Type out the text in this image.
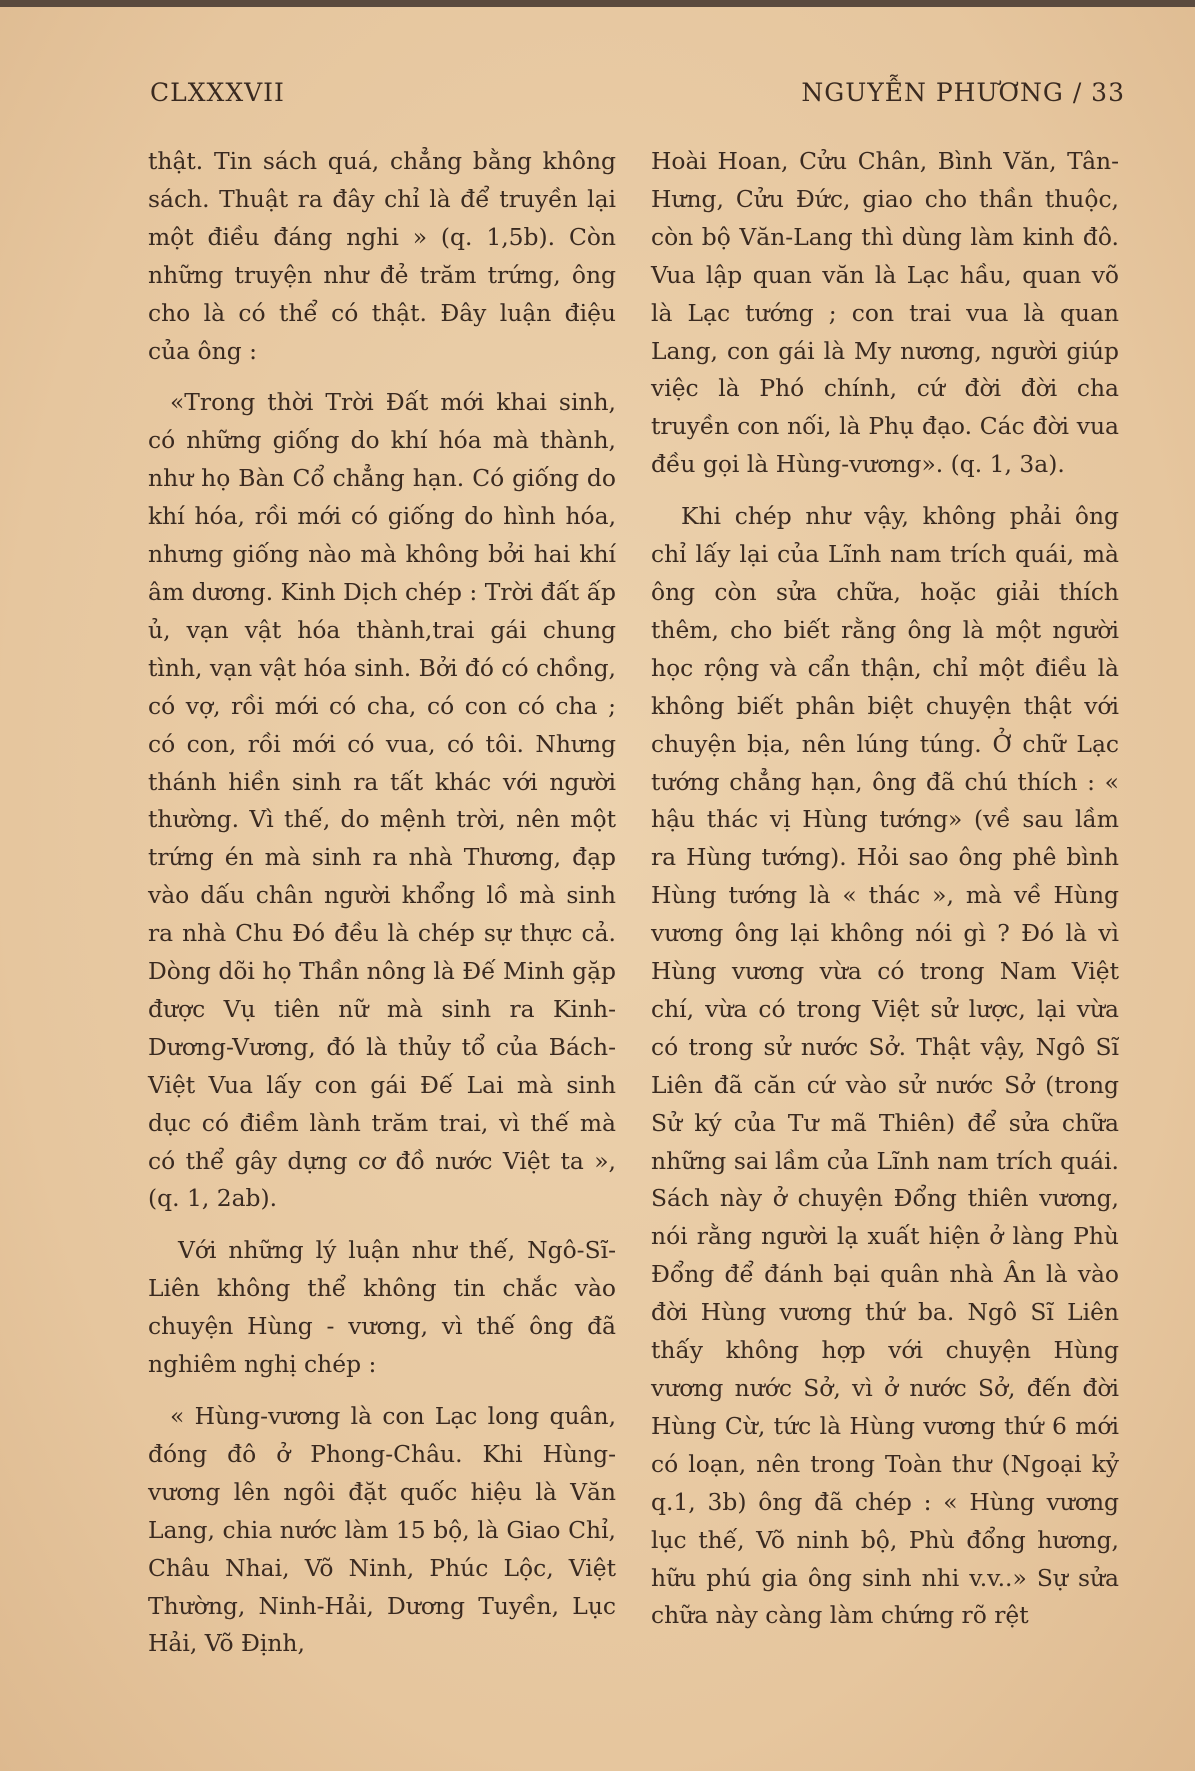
CLXXXVII	NGUYỄN PHƯƠNG / 33

thật. Tin sách quá, chẳng bằng không sách. Thuật ra đây chỉ là để truyền lại một điều đáng nghi » (q. 1,5b). Còn những truyện như đẻ trăm trứng, ông cho là có thể có thật. Đây luận điệu của ông :

«Trong thời Trời Đất mới khai sinh, có những giống do khí hóa mà thành, như họ Bàn Cổ chẳng hạn. Có giống do khí hóa, rồi mới có giống do hình hóa, nhưng giống nào mà không bởi hai khí âm dương. Kinh Dịch chép : Trời đất ấp ủ, vạn vật hóa thành,trai gái chung tình, vạn vật hóa sinh. Bởi đó có chồng, có vợ, rồi mới có cha, có con có cha ; có con, rồi mới có vua, có tôi. Nhưng thánh hiền sinh ra tất khác với người thường. Vì thế, do mệnh trời, nên một trứng én mà sinh ra nhà Thương, đạp vào dấu chân người khổng lồ mà sinh ra nhà Chu Đó đều là chép sự thực cả. Dòng dõi họ Thần nông là Đế Minh gặp được Vụ tiên nữ mà sinh ra Kinh-Dương-Vương, đó là thủy tổ của Bách-Việt Vua lấy con gái Đế Lai mà sinh dục có điềm lành trăm trai, vì thế mà có thể gây dựng cơ đồ nước Việt ta », (q. 1, 2ab).

Với những lý luận như thế, Ngô-Sĩ-Liên không thể không tin chắc vào chuyện Hùng - vương, vì thế ông đã nghiêm nghị chép :

« Hùng-vương là con Lạc long quân, đóng đô ở Phong-Châu. Khi Hùng-vương lên ngôi đặt quốc hiệu là Văn Lang, chia nước làm 15 bộ, là Giao Chỉ, Châu Nhai, Võ Ninh, Phúc Lộc, Việt Thường, Ninh-Hải, Dương Tuyền, Lục Hải, Võ Định,

Hoài Hoan, Cửu Chân, Bình Văn, Tân-Hưng, Cửu Đức, giao cho thần thuộc, còn bộ Văn-Lang thì dùng làm kinh đô. Vua lập quan văn là Lạc hầu, quan võ là Lạc tướng ; con trai vua là quan Lang, con gái là My nương, người giúp việc là Phó chính, cứ đời đời cha truyền con nối, là Phụ đạo. Các đời vua đều gọi là Hùng-vương». (q. 1, 3a).

Khi chép như vậy, không phải ông chỉ lấy lại của Lĩnh nam trích quái, mà ông còn sửa chữa, hoặc giải thích thêm, cho biết rằng ông là một người học rộng và cẩn thận, chỉ một điều là không biết phân biệt chuyện thật với chuyện bịa, nên lúng túng. Ở chữ Lạc tướng chẳng hạn, ông đã chú thích : « hậu thác vị Hùng tướng» (về sau lầm ra Hùng tướng). Hỏi sao ông phê bình Hùng tướng là « thác », mà về Hùng vương ông lại không nói gì ? Đó là vì Hùng vương vừa có trong Nam Việt chí, vừa có trong Việt sử lược, lại vừa có trong sử nước Sở. Thật vậy, Ngô Sĩ Liên đã căn cứ vào sử nước Sở (trong Sử ký của Tư mã Thiên) để sửa chữa những sai lầm của Lĩnh nam trích quái. Sách này ở chuyện Đổng thiên vương, nói rằng người lạ xuất hiện ở làng Phù Đổng để đánh bại quân nhà Ân là vào đời Hùng vương thứ ba. Ngô Sĩ Liên thấy không hợp với chuyện Hùng vương nước Sở, vì ở nước Sở, đến đời Hùng Cừ, tức là Hùng vương thứ 6 mới có loạn, nên trong Toàn thư (Ngoại kỷ q.1, 3b) ông đã chép : « Hùng vương lục thế, Võ ninh bộ, Phù đổng hương, hữu phú gia ông sinh nhi v.v..» Sự sửa chữa này càng làm chứng rõ rệt
